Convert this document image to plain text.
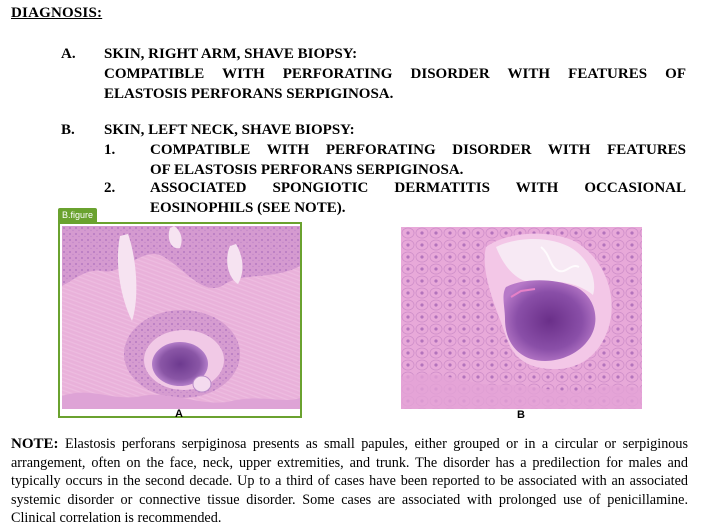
DIAGNOSIS:
A. SKIN, RIGHT ARM, SHAVE BIOPSY:
COMPATIBLE WITH PERFORATING DISORDER WITH FEATURES OF
ELASTOSIS PERFORANS SERPIGINOSA.
B. SKIN, LEFT NECK, SHAVE BIOPSY:
1. COMPATIBLE WITH PERFORATING DISORDER WITH FEATURES
OF ELASTOSIS PERFORANS SERPIGINOSA.
2. ASSOCIATED SPONGIOTIC DERMATITIS WITH OCCASIONAL
EOSINOPHILS (SEE NOTE).
B.figure
A	B
NOTE: Elastosis perforans serpiginosa presents as small papules, either grouped or in a circular or serpiginous arrangement, often on the face, neck, upper extremities, and trunk. The disorder has a predilection for males and typically occurs in the second decade. Up to a third of cases have been reported to be associated with an associated systemic disorder or connective tissue disorder. Some cases are associated with prolonged use of penicillamine. Clinical correlation is recommended.
